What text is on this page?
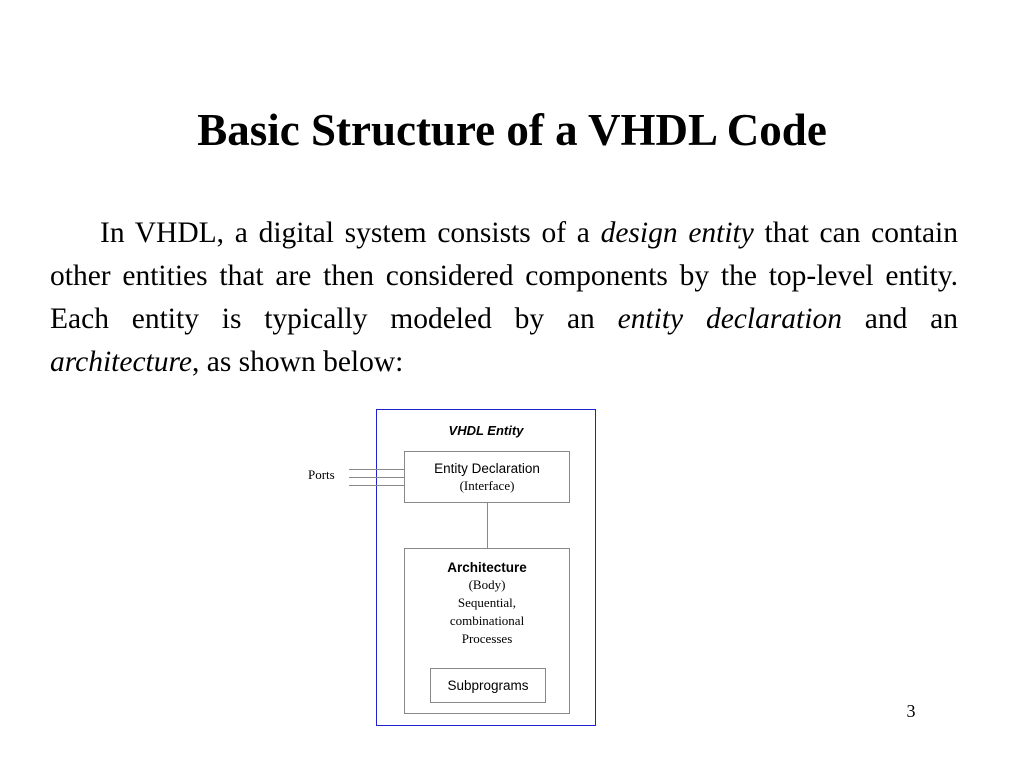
Basic Structure of a VHDL Code

In VHDL, a digital system consists of a design entity that can contain other entities that are then considered components by the top-level entity. Each entity is typically modeled by an entity declaration and an architecture, as shown below:

VHDL Entity
Ports	Entity Declaration
(Interface)
Architecture
(Body)
Sequential,
combinational
Processes
Subprograms
3
